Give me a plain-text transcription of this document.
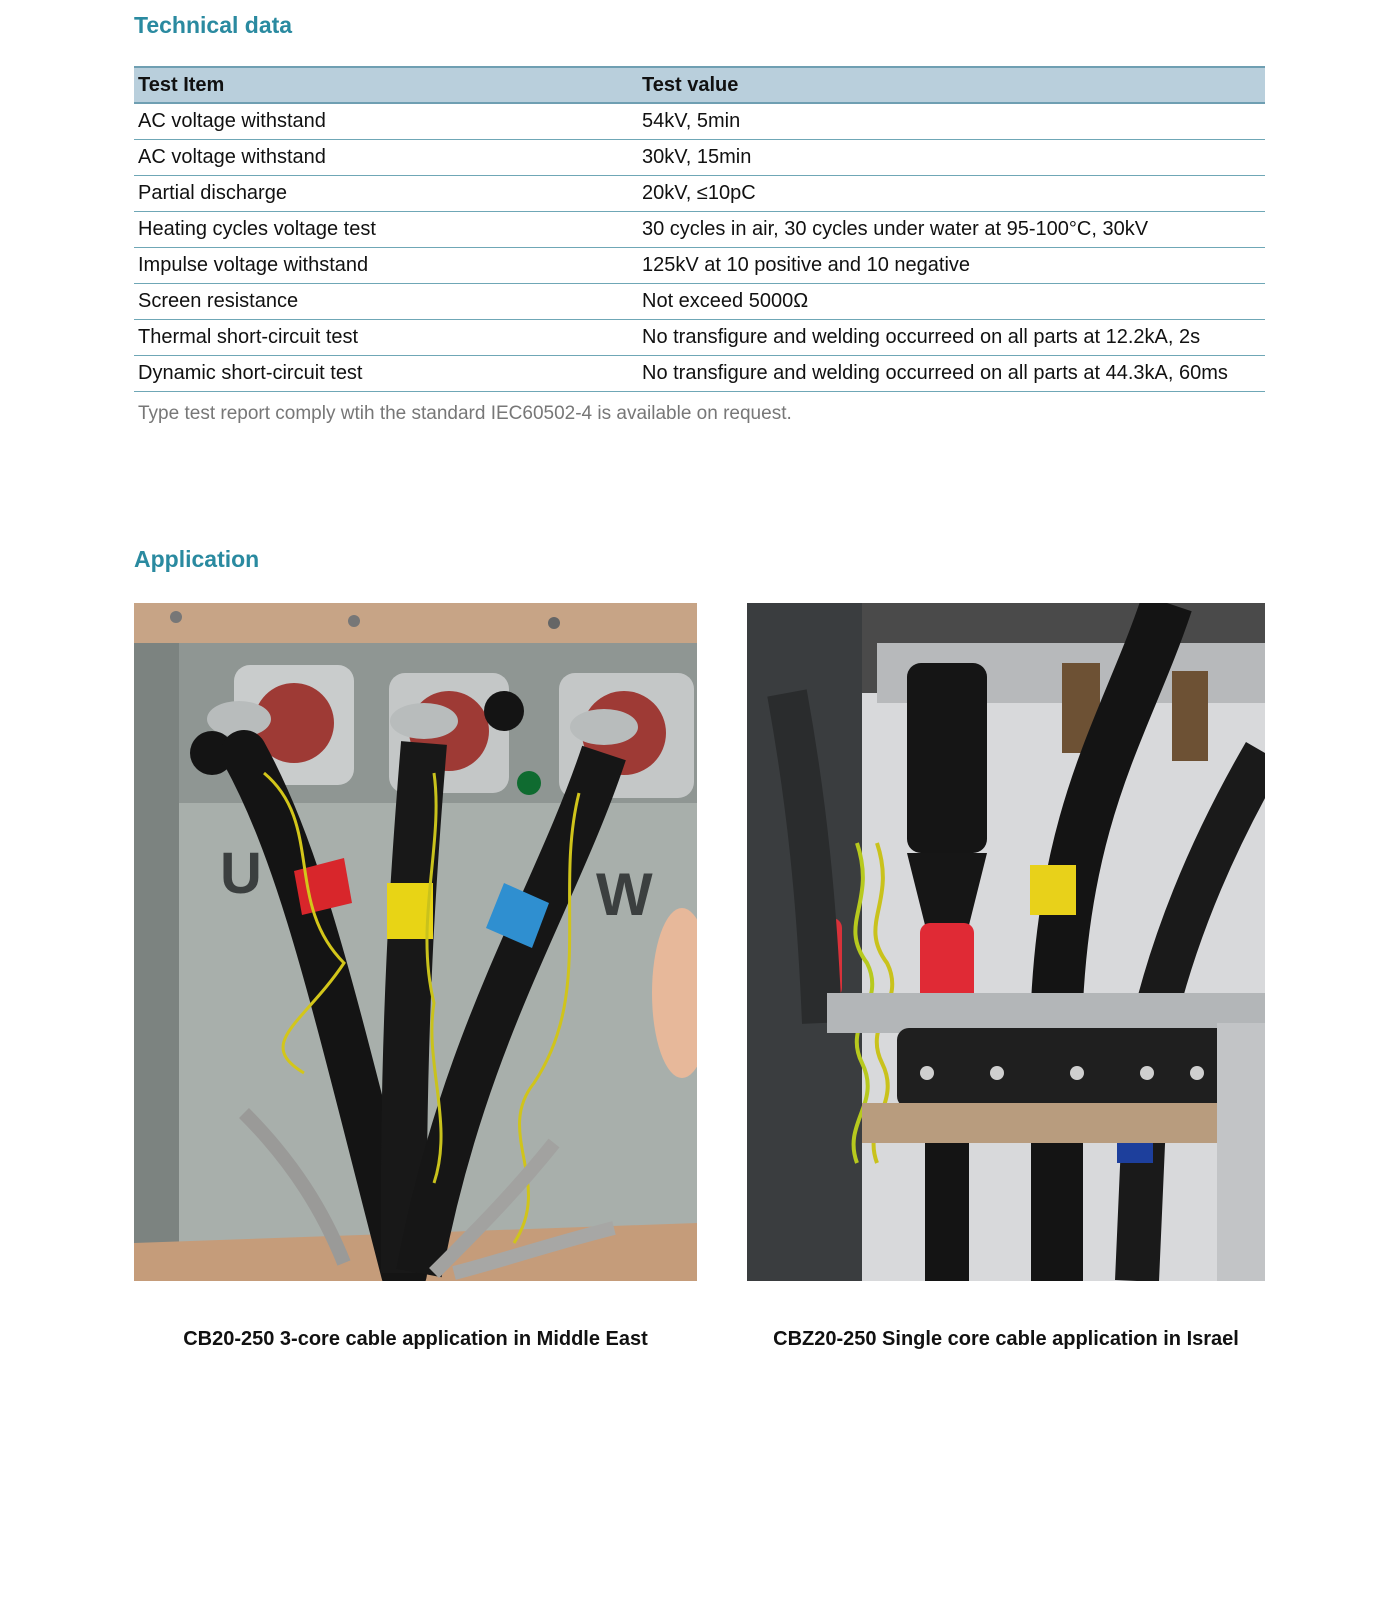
Technical data
Test Item	Test value
AC voltage withstand	54kV, 5min
AC voltage withstand	30kV, 15min
Partial discharge	20kV, ≤10pC
Heating cycles voltage test	30 cycles in air, 30 cycles under water at 95-100°C, 30kV
Impulse voltage withstand	125kV at 10 positive and 10 negative
Screen resistance	Not exceed 5000Ω
Thermal short-circuit test	No transfigure and welding occurreed on all parts at 12.2kA, 2s
Dynamic short-circuit test	No transfigure and welding occurreed on all parts at 44.3kA, 60ms
Type test report comply wtih the standard IEC60502-4 is available on request.
Application
U	W
CB20-250 3-core cable application in Middle East	CBZ20-250 Single core cable application in Israel
